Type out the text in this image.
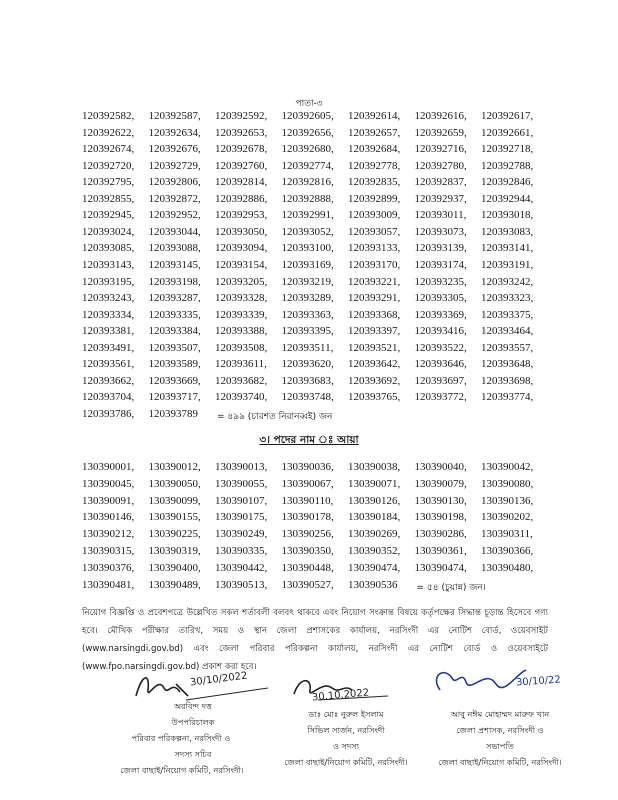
পাতা-৩
120392582, 120392587, 120392592, 120392605, 120392614, 120392616, 120392617,
120392622, 120392634, 120392653, 120392656, 120392657, 120392659, 120392661,
120392674, 120392676, 120392678, 120392680, 120392684, 120392716, 120392718,
120392720, 120392729, 120392760, 120392774, 120392778, 120392780, 120392788,
120392795, 120392806, 120392814, 120392816, 120392835, 120392837, 120392846,
120392855, 120392872, 120392886, 120392888, 120392899, 120392937, 120392944,
120392945, 120392952, 120392953, 120392991, 120393009, 120393011, 120393018,
120393024, 120393044, 120393050, 120393052, 120393057, 120393073, 120393083,
120393085, 120393088, 120393094, 120393100, 120393133, 120393139, 120393141,
120393143, 120393145, 120393154, 120393169, 120393170, 120393174, 120393191,
120393195, 120393198, 120393205, 120393219, 120393221, 120393235, 120393242,
120393243, 120393287, 120393328, 120393289, 120393291, 120393305, 120393323,
120393334, 120393335, 120393339, 120393363, 120393368, 120393369, 120393375,
120393381, 120393384, 120393388, 120393395, 120393397, 120393416, 120393464,
120393491, 120393507, 120393508, 120393511, 120393521, 120393522, 120393557,
120393561, 120393589, 120393611, 120393620, 120393642, 120393646, 120393648,
120393662, 120393669, 120393682, 120393683, 120393692, 120393697, 120393698,
120393704, 120393717, 120393740, 120393748, 120393765, 120393772, 120393774,
120393786, 120393789 = ৪৯৯ (চারশত নিরানব্বই) জন
৩। পদের নাম ঃ আয়া
130390001, 130390012, 130390013, 130390036, 130390038, 130390040, 130390042,
130390045, 130390050, 130390055, 130390067, 130390071, 130390079, 130390080,
130390091, 130390099, 130390107, 130390110, 130390126, 130390130, 130390136,
130390146, 130390155, 130390175, 130390178, 130390184, 130390198, 130390202,
130390212, 130390225, 130390249, 130390256, 130390269, 130390286, 130390311,
130390315, 130390319, 130390335, 130390350, 130390352, 130390361, 130390366,
130390376, 130390400, 130390442, 130390448, 130390474, 130390474, 130390480,
130390481, 130390489, 130390513, 130390527, 130390536 = ৫৪ (চুয়ান্ন) জন।

নিয়োগ বিজ্ঞপ্তি ও প্রবেশপত্রে উল্লেখিত সকল শর্তাবলী বলবৎ থাকবে এবং নিয়োগ সংক্রান্ত বিষয়ে কর্তৃপক্ষের সিদ্ধান্ত চূড়ান্ত হিসেবে গণ্য হবে। মৌখিক পরীক্ষার তারিখ, সময় ও স্থান জেলা প্রশাসকের কার্যালয়, নরসিংদী এর নোটিশ বোর্ড, ওয়েবসাইট (www.narsingdi.gov.bd) এবং জেলা পরিবার পরিকল্পনা কার্যালয়, নরসিংদী এর নোটিশ বোর্ড ও ওয়েবসাইটে (www.fpo.narsingdi.gov.bd) প্রকাশ করা হবে।

30/10/2022
অরবিন্দ দত্ত
উপপরিচালক
পরিবার পরিকল্পনা, নরসিংদী ও
সদস্য সচিব
জেলা বাছাই/নিয়োগ কমিটি, নরসিংদী।
30.10.2022
ডাঃ মোঃ নুরুল ইসলাম
সিভিল সার্জন, নরসিংদী
ও সদস্য
জেলা বাছাই/নিয়োগ কমিটি, নরসিংদী।
30/10/22
আবু নঈম মোহাম্মদ মারুফ খান
জেলা প্রশাসক, নরসিংদী ও
সভাপতি
জেলা বাছাই/নিয়োগ কমিটি, নরসিংদী।
